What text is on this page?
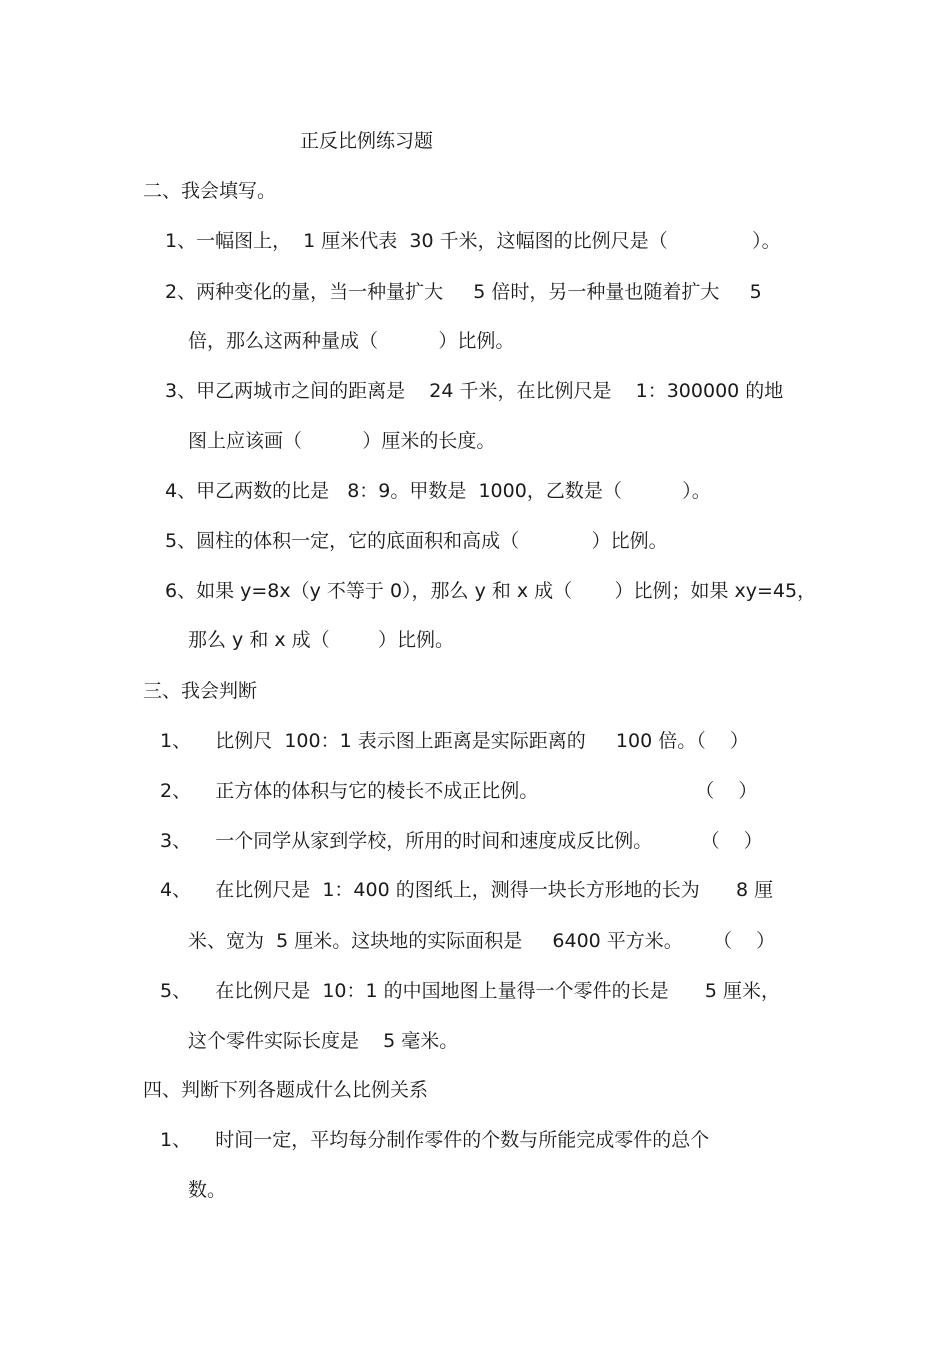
正反比例练习题

二、我会填写。

1、一幅图上，  1 厘米代表  30 千米，这幅图的比例尺是（              ）。

2、两种变化的量，当一种量扩大     5 倍时，另一种量也随着扩大     5

倍，那么这两种量成（          ）比例。

3、甲乙两城市之间的距离是    24 千米，在比例尺是    1：300000 的地

图上应该画（          ）厘米的长度。

4、甲乙两数的比是   8：9。甲数是  1000，乙数是（          ）。

5、圆柱的体积一定，它的底面积和高成（            ）比例。

6、如果 y=8x（y 不等于 0），那么 y 和 x 成（       ）比例；如果 xy=45，

那么 y 和 x 成（        ）比例。

三、我会判断

1、    比例尺  100：1 表示图上距离是实际距离的     100 倍。（    ）

2、    正方体的体积与它的棱长不成正比例。                          （    ）

3、    一个同学从家到学校，所用的时间和速度成反比例。        （    ）

4、    在比例尺是  1：400 的图纸上，测得一块长方形地的长为      8 厘

米、宽为  5 厘米。这块地的实际面积是     6400 平方米。     （    ）

5、    在比例尺是  10：1 的中国地图上量得一个零件的长是      5 厘米，

这个零件实际长度是    5 毫米。

四、判断下列各题成什么比例关系

1、    时间一定，平均每分制作零件的个数与所能完成零件的总个

数。
